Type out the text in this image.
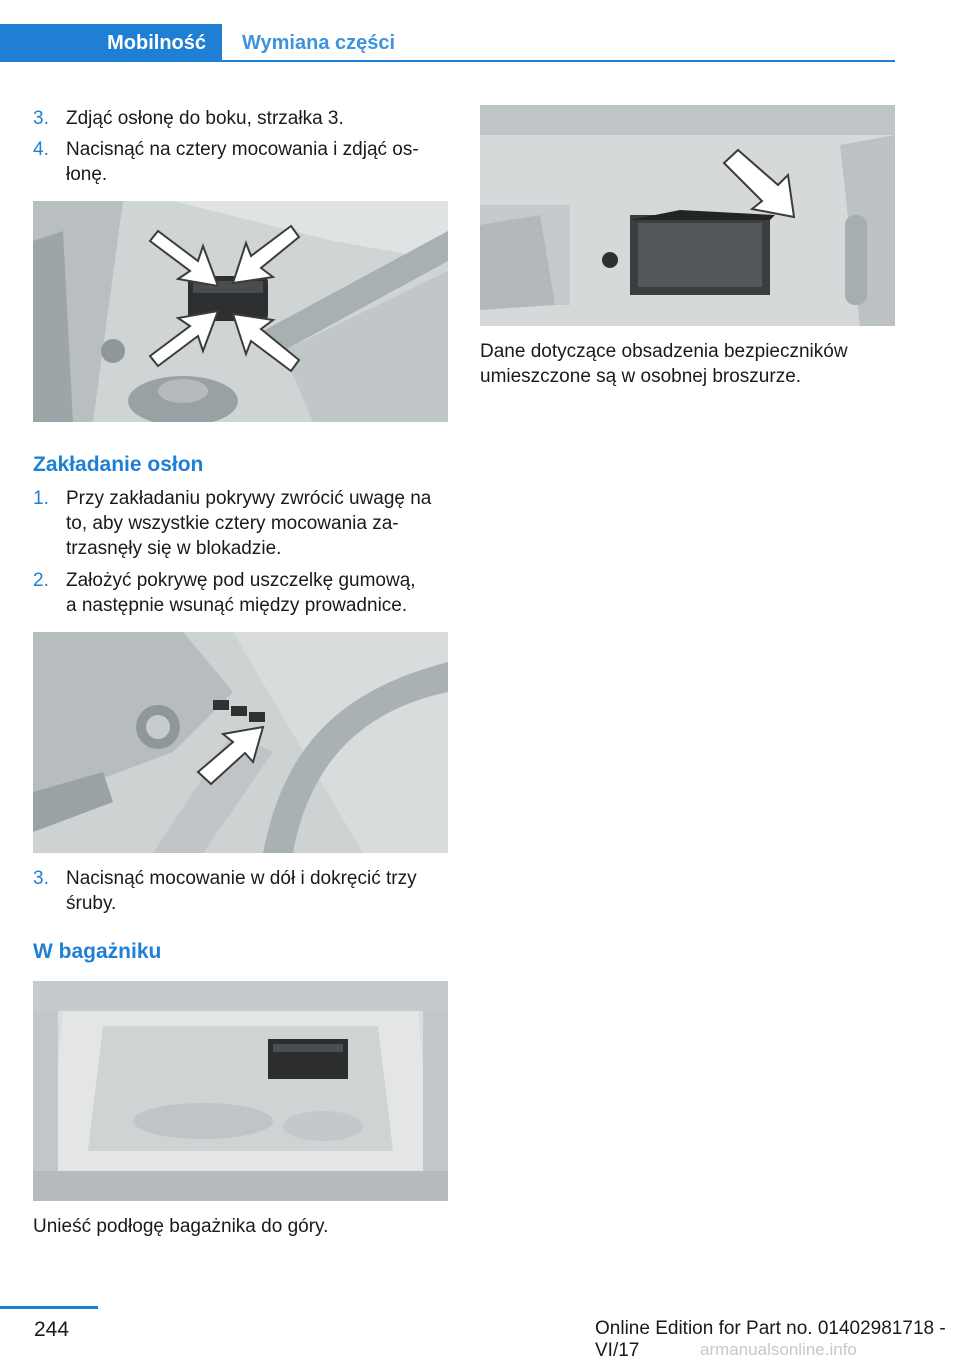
Mobilność Wymiana części
3. Zdjąć osłonę do boku, strzałka 3.
4. Nacisnąć na cztery mocowania i zdjąć os‐
łonę.
Zakładanie osłon
1. Przy zakładaniu pokrywy zwrócić uwagę na
to, aby wszystkie cztery mocowania za‐
trzasnęły się w blokadzie.
2. Założyć pokrywę pod uszczelkę gumową,
a następnie wsunąć między prowadnice.
3. Nacisnąć mocowanie w dół i dokręcić trzy
śruby.
W bagażniku
Unieść podłogę bagażnika do góry.
Dane dotyczące obsadzenia bezpieczników
umieszczone są w osobnej broszurze.
244	Online Edition for Part no. 01402981718 - VI/17	armanualsonline.info
